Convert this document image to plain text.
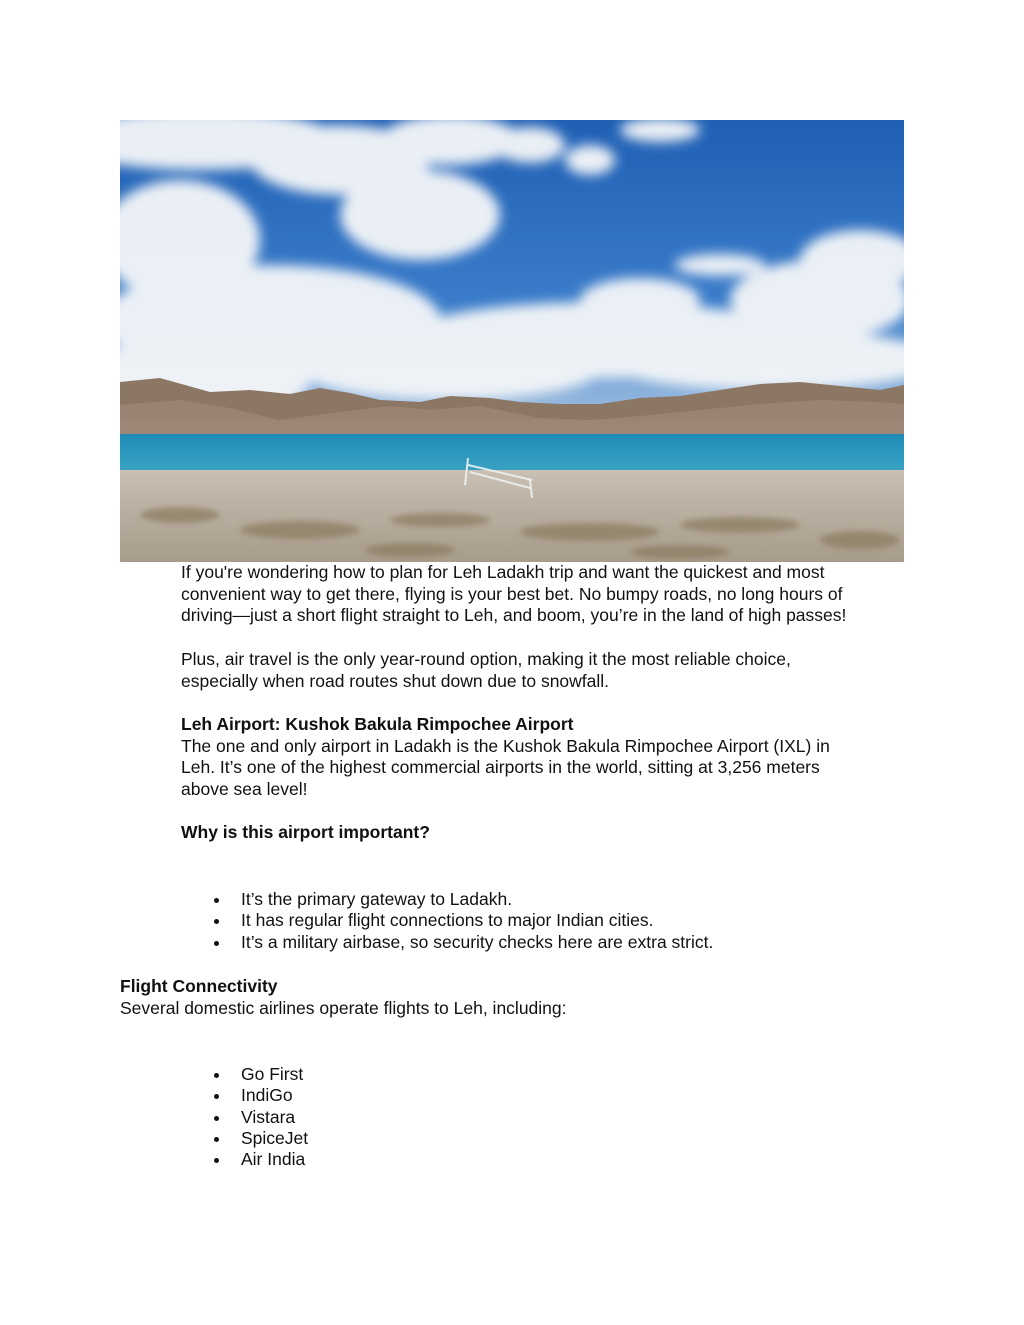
If you're wondering how to plan for Leh Ladakh trip and want the quickest and most

convenient way to get there, flying is your best bet. No bumpy roads, no long hours of

driving—just a short flight straight to Leh, and boom, you’re in the land of high passes!

Plus, air travel is the only year-round option, making it the most reliable choice,

especially when road routes shut down due to snowfall.

Leh Airport: Kushok Bakula Rimpochee Airport

The one and only airport in Ladakh is the Kushok Bakula Rimpochee Airport (IXL) in

Leh. It’s one of the highest commercial airports in the world, sitting at 3,256 meters

above sea level!

Why is this airport important?
It’s the primary gateway to Ladakh.
It has regular flight connections to major Indian cities.
It’s a military airbase, so security checks here are extra strict.
Flight Connectivity
Several domestic airlines operate flights to Leh, including:
Go First
IndiGo
Vistara
SpiceJet
Air India
